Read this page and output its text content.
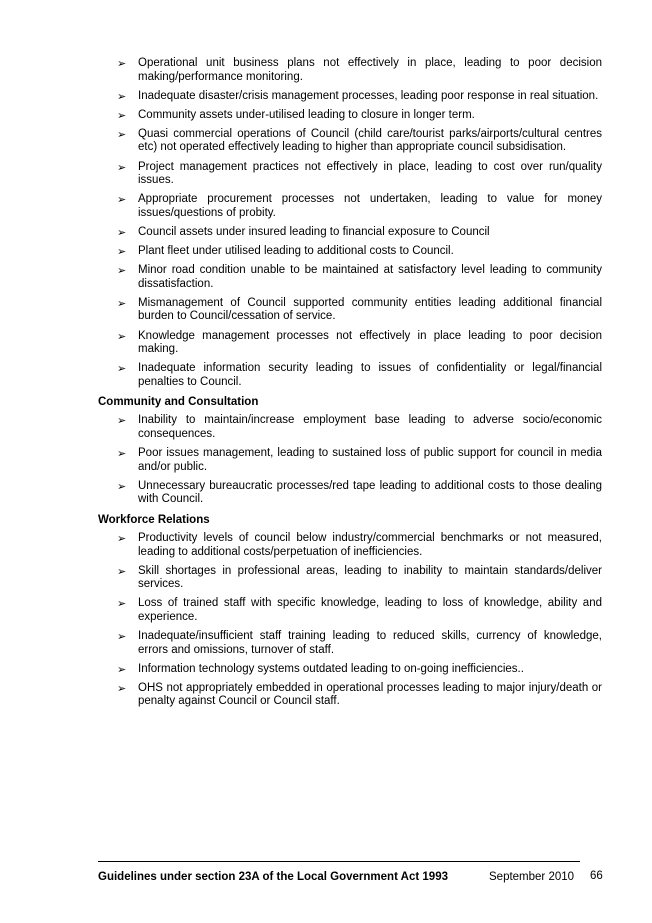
➢ Operational unit business plans not effectively in place, leading to poor decision making/performance monitoring.
➢ Inadequate disaster/crisis management processes, leading poor response in real situation.
➢ Community assets under-utilised leading to closure in longer term.
➢ Quasi commercial operations of Council (child care/tourist parks/airports/cultural centres etc) not operated effectively leading to higher than appropriate council subsidisation.
➢ Project management practices not effectively in place, leading to cost over run/quality issues.
➢ Appropriate procurement processes not undertaken, leading to value for money issues/questions of probity.
➢ Council assets under insured leading to financial exposure to Council
➢ Plant fleet under utilised leading to additional costs to Council.
➢ Minor road condition unable to be maintained at satisfactory level leading to community dissatisfaction.
➢ Mismanagement of Council supported community entities leading additional financial burden to Council/cessation of service.
➢ Knowledge management processes not effectively in place leading to poor decision making.
➢ Inadequate information security leading to issues of confidentiality or legal/financial penalties to Council.
Community and Consultation
➢ Inability to maintain/increase employment base leading to adverse socio/economic consequences.
➢ Poor issues management, leading to sustained loss of public support for council in media and/or public.
➢ Unnecessary bureaucratic processes/red tape leading to additional costs to those dealing with Council.
Workforce Relations
➢ Productivity levels of council below industry/commercial benchmarks or not measured, leading to additional costs/perpetuation of inefficiencies.
➢ Skill shortages in professional areas, leading to inability to maintain standards/deliver services.
➢ Loss of trained staff with specific knowledge, leading to loss of knowledge, ability and experience.
➢ Inadequate/insufficient staff training leading to reduced skills, currency of knowledge, errors and omissions, turnover of staff.
➢ Information technology systems outdated leading to on-going inefficiencies..
➢ OHS not appropriately embedded in operational processes leading to major injury/death or penalty against Council or Council staff.
Guidelines under section 23A of the Local Government Act 1993	September 2010 66
